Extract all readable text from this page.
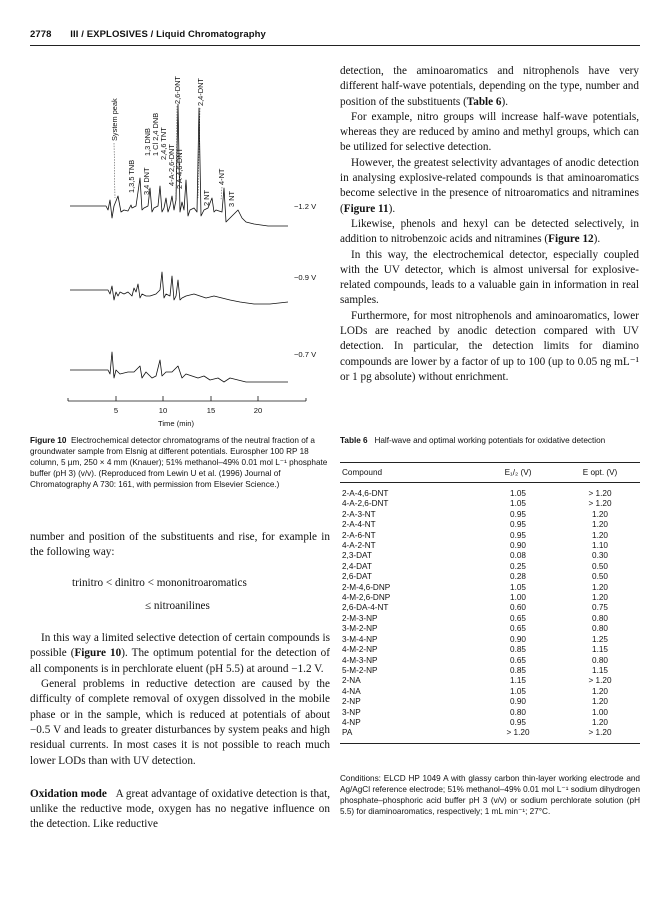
2778 III / EXPLOSIVES / Liquid Chromatography
System peak
1,3,5 TNB 3,4 DNT
1,3 DNB 1 Cl 2,4 DNB 2,4,6 TNT
4-A-2,6-DNT 2 A-4,6-DNT
2,6-DNT 2,4-DNT
2 NT
4-NT
3 NT	−1.2 V
−0.9 V
−0.7 V
5	10	15	20
Time (min)
Figure 10 Electrochemical detector chromatograms of the neutral fraction of a groundwater sample from Elsnig at different potentials. Eurospher 100 RP 18 column, 5 µm, 250 × 4 mm (Knauer); 51% methanol–49% 0.01 mol L⁻¹ phosphate buffer (pH 3) (v/v). (Reproduced from Lewin U et al. (1996) Journal of Chromatography A 730: 161, with permission from Elsevier Science.)

number and position of the substituents and rise, for example in the following way:

trinitro < dinitro < mononitroaromatics

≤ nitroanilines

In this way a limited selective detection of certain compounds is possible (Figure 10). The optimum potential for the detection of all components is in perchlorate eluent (pH 5.5) at around −1.2 V.

General problems in reductive detection are caused by the difficulty of complete removal of oxygen dissolved in the mobile phase or in the sample, which is reduced at potentials of about −0.5 V and leads to greater disturbances by system peaks and high residual currents. In most cases it is not possible to reach much lower LODs than with UV detection.

Oxidation mode A great advantage of oxidative detection is that, unlike the reductive mode, oxygen has no negative influence on the detection. Like reductive

detection, the aminoaromatics and nitrophenols have very different half-wave potentials, depending on the type, number and position of the substituents (Table 6).

For example, nitro groups will increase half-wave potentials, whereas they are reduced by amino and methyl groups, which can be utilized for selective detection.

However, the greatest selectivity advantages of anodic detection in analysing explosive-related compounds is that aminoaromatics become selective in the presence of nitroaromatics and nitramines (Figure 11).

Likewise, phenols and hexyl can be detected selectively, in addition to nitrobenzoic acids and nitramines (Figure 12).

In this way, the electrochemical detector, especially coupled with the UV detector, which is almost universal for explosive-related compounds, leads to a valuable gain in information in real samples.

Furthermore, for most nitrophenols and aminoaromatics, lower LODs are reached by anodic detection compared with UV detection. In particular, the detection limits for diamino compounds are lower by a factor of up to 100 (up to 0.05 ng mL⁻¹ or 1 pg absolute) without enrichment.

Table 6 Half-wave and optimal working potentials for oxidative detection
Compound	E₁/₂ (V)	E opt. (V)
2-A-4,6-DNT	1.05	> 1.20
4-A-2,6-DNT	1.05	> 1.20
2-A-3-NT	0.95	1.20
2-A-4-NT	0.95	1.20
2-A-6-NT	0.95	1.20
4-A-2-NT	0.90	1.10
2,3-DAT	0.08	0.30
2,4-DAT	0.25	0.50
2,6-DAT	0.28	0.50
2-M-4,6-DNP	1.05	1.20
4-M-2,6-DNP	1.00	1.20
2,6-DA-4-NT	0.60	0.75
2-M-3-NP	0.65	0.80
3-M-2-NP	0.65	0.80
3-M-4-NP	0.90	1.25
4-M-2-NP	0.85	1.15
4-M-3-NP	0.65	0.80
5-M-2-NP	0.85	1.15
2-NA	1.15	> 1.20
4-NA	1.05	1.20
2-NP	0.90	1.20
3-NP	0.80	1.00
4-NP	0.95	1.20
PA	> 1.20	> 1.20
Conditions: ELCD HP 1049 A with glassy carbon thin-layer working electrode and Ag/AgCl reference electrode; 51% methanol–49% 0.01 mol L⁻¹ sodium dihydrogen phosphate–phosphoric acid buffer pH 3 (v/v) or sodium perchlorate solution (pH 5.5) for diaminoaromatics, respectively; 1 mL min⁻¹; 27°C.
